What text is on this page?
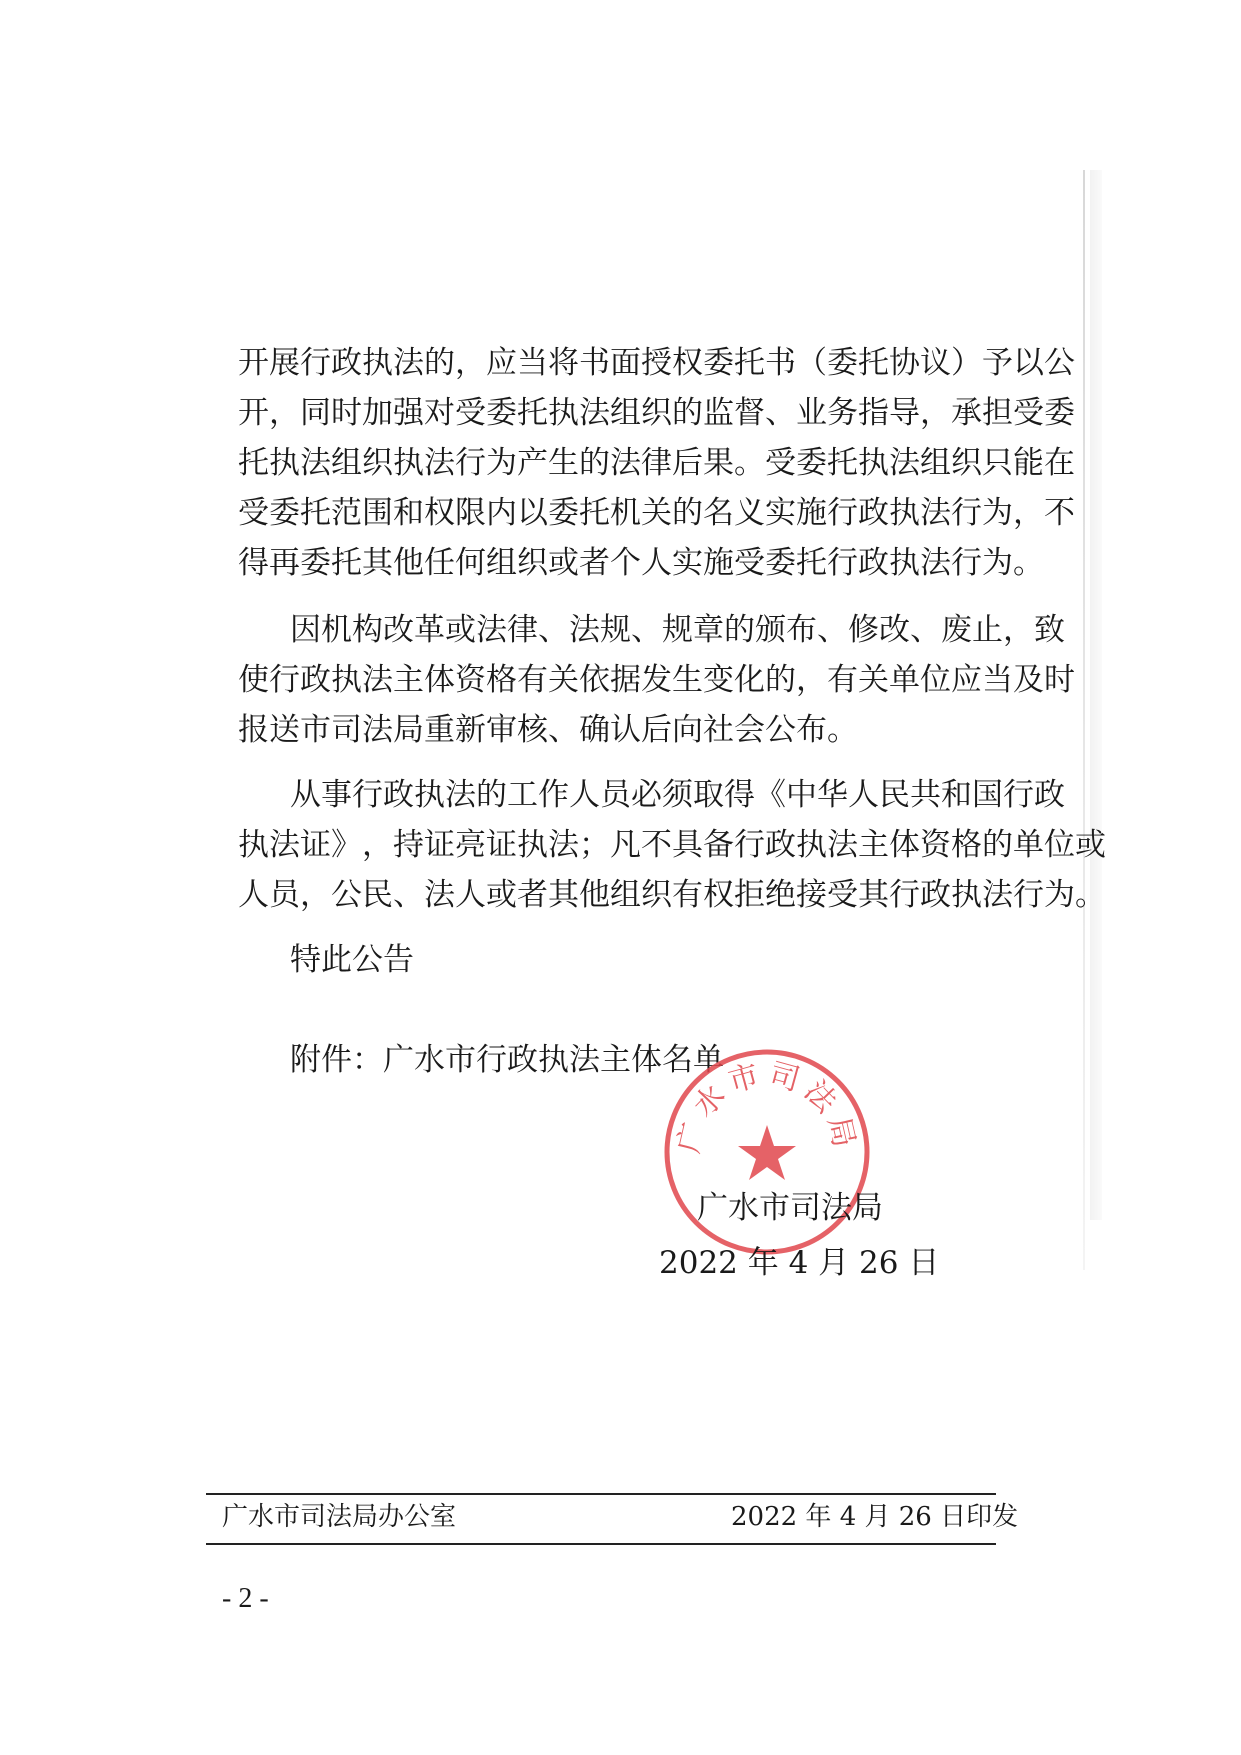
开 展 行 政 执 法 的 ， 应 当 将 书 面 授 权 委 托 书 （ 委 托 协 议 ） 予 以 公
开 ， 同 时 加 强 对 受 委 托 执 法 组 织 的 监 督 、 业 务 指 导 ， 承 担 受 委
托 执 法 组 织 执 法 行 为 产 生 的 法 律 后 果 。 受 委 托 执 法 组 织 只 能 在
受 委 托 范 围 和 权 限 内 以 委 托 机 关 的 名 义 实 施 行 政 执 法 行 为 ， 不
得再委托其他任何组织或者个人实施受委托行政执法行为。
因 机 构 改 革 或 法 律 、 法 规 、 规 章 的 颁 布 、 修 改 、 废 止 ， 致
使 行 政 执 法 主 体 资 格 有 关 依 据 发 生 变 化 的 ， 有 关 单 位 应 当 及 时
报送市司法局重新审核、确认后向社会公布。
从 事 行 政 执 法 的 工 作 人 员 必 须 取 得 《 中 华 人 民 共 和 国 行 政
执 法 证 》 ， 持 证 亮 证 执 法 ； 凡 不 具 备 行 政 执 法 主 体 资 格 的 单 位 或
人员，公民、法人或者其他组织有权拒绝接受其行政执法行为。
特此公告
附件：广水市行政执法主体名单
广水市司法局
广水市司法局
2022 年 4 月 26 日
广水市司法局办公室	2022 年 4 月 26 日印发
- 2 -
